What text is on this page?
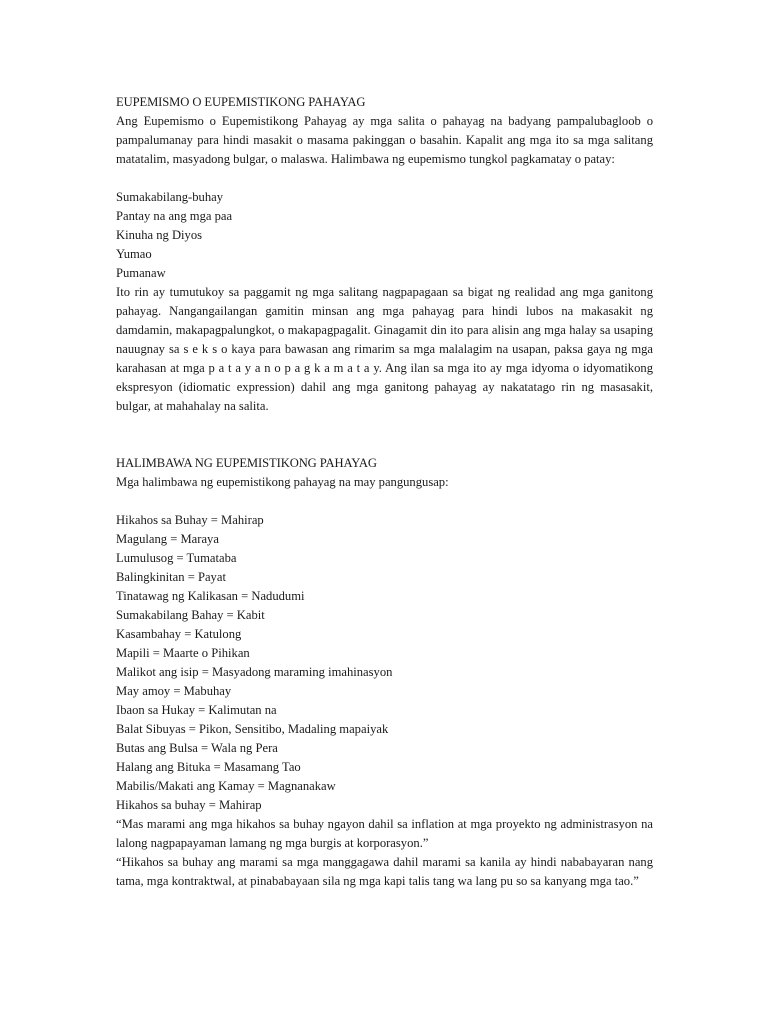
EUPEMISMO O EUPEMISTIKONG PAHAYAG

Ang Eupemismo o Eupemistikong Pahayag ay mga salita o pahayag na badyang pampalubagloob o pampalumanay para hindi masakit o masama pakinggan o basahin. Kapalit ang mga ito sa mga salitang matatalim, masyadong bulgar, o malaswa. Halimbawa ng eupemismo tungkol pagkamatay o patay:

Sumakabilang-buhay

Pantay na ang mga paa

Kinuha ng Diyos

Yumao

Pumanaw

Ito rin ay tumutukoy sa paggamit ng mga salitang nagpapagaan sa bigat ng realidad ang mga ganitong pahayag. Nangangailangan gamitin minsan ang mga pahayag para hindi lubos na makasakit ng damdamin, makapagpalungkot, o makapagpagalit. Ginagamit din ito para alisin ang mga halay sa usaping nauugnay sa s e k s o kaya para bawasan ang rimarim sa mga malalagim na usapan, paksa gaya ng mga karahasan at mga p a t a y a n o p a g k a m a t a y. Ang ilan sa mga ito ay mga idyoma o idyomatikong ekspresyon (idiomatic expression) dahil ang mga ganitong pahayag ay nakatatago rin ng masasakit, bulgar, at mahahalay na salita.

HALIMBAWA NG EUPEMISTIKONG PAHAYAG

Mga halimbawa ng eupemistikong pahayag na may pangungusap:

Hikahos sa Buhay = Mahirap

Magulang = Maraya

Lumulusog = Tumataba

Balingkinitan = Payat

Tinatawag ng Kalikasan = Nadudumi

Sumakabilang Bahay = Kabit

Kasambahay = Katulong

Mapili = Maarte o Pihikan

Malikot ang isip = Masyadong maraming imahinasyon

May amoy = Mabuhay

Ibaon sa Hukay = Kalimutan na

Balat Sibuyas = Pikon, Sensitibo, Madaling mapaiyak

Butas ang Bulsa = Wala ng Pera

Halang ang Bituka = Masamang Tao

Mabilis/Makati ang Kamay = Magnanakaw

Hikahos sa buhay = Mahirap

“Mas marami ang mga hikahos sa buhay ngayon dahil sa inflation at mga proyekto ng administrasyon na lalong nagpapayaman lamang ng mga burgis at korporasyon.”

“Hikahos sa buhay ang marami sa mga manggagawa dahil marami sa kanila ay hindi nababayaran nang tama, mga kontraktwal, at pinababayaan sila ng mga kapi talis tang wa lang pu so sa kanyang mga tao.”
